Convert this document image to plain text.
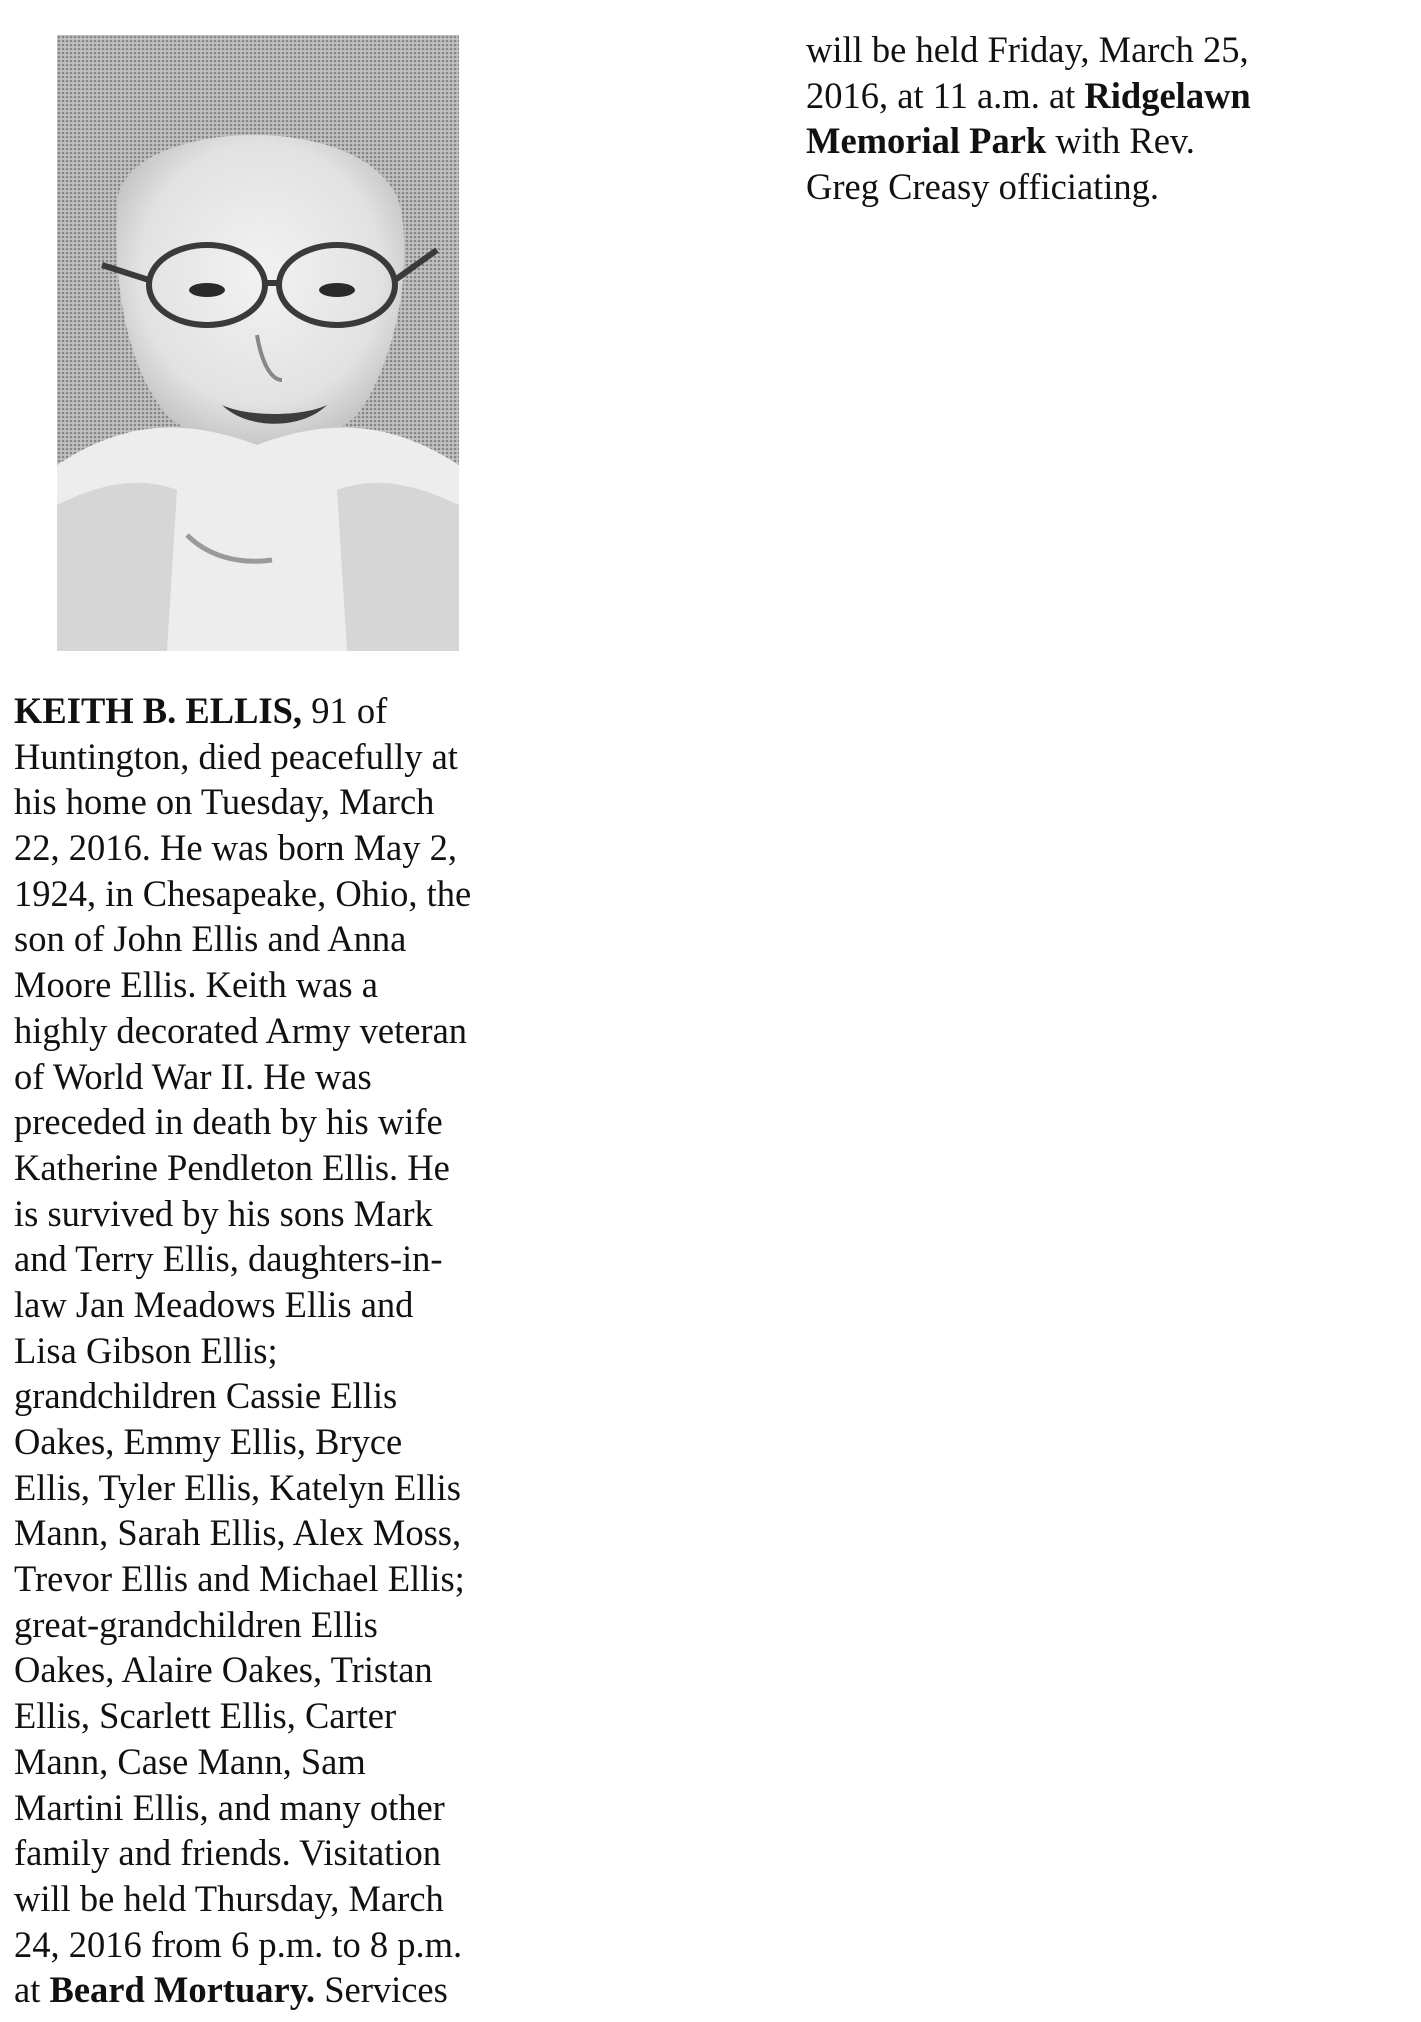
KEITH B. ELLIS, 91 of
Huntington, died peacefully at
his home on Tuesday, March
22, 2016. He was born May 2,
1924, in Chesapeake, Ohio, the
son of John Ellis and Anna
Moore Ellis. Keith was a
highly decorated Army veteran
of World War II. He was
preceded in death by his wife
Katherine Pendleton Ellis. He
is survived by his sons Mark
and Terry Ellis, daughters-in-
law Jan Meadows Ellis and
Lisa Gibson Ellis;
grandchildren Cassie Ellis
Oakes, Emmy Ellis, Bryce
Ellis, Tyler Ellis, Katelyn Ellis
Mann, Sarah Ellis, Alex Moss,
Trevor Ellis and Michael Ellis;
great-grandchildren Ellis
Oakes, Alaire Oakes, Tristan
Ellis, Scarlett Ellis, Carter
Mann, Case Mann, Sam
Martini Ellis, and many other
family and friends. Visitation
will be held Thursday, March
24, 2016 from 6 p.m. to 8 p.m.
at Beard Mortuary. Services
will be held Friday, March 25,
2016, at 11 a.m. at Ridgelawn
Memorial Park with Rev.
Greg Creasy officiating.
